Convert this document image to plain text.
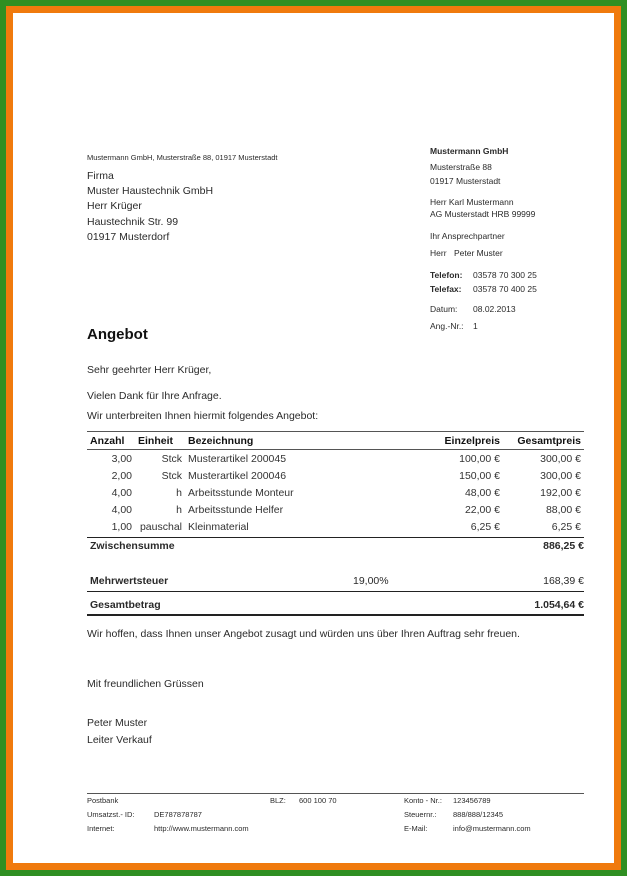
Mustermann GmbH, Musterstraße 88, 01917 Musterstadt
Firma
Muster Haustechnik GmbH
Herr Krüger
Haustechnik Str. 99
01917 Musterdorf
Mustermann GmbH
Musterstraße 88
01917 Musterstadt
Herr Karl Mustermann
AG Musterstadt HRB 99999
Ihr Ansprechpartner
Herr Peter Muster
Telefon: 03578 70 300 25
Telefax: 03578 70 400 25
Datum: 08.02.2013
Ang.-Nr.: 1
Angebot
Sehr geehrter Herr Krüger,
Vielen Dank für Ihre Anfrage.
Wir unterbreiten Ihnen hiermit folgendes Angebot:
Anzahl	Einheit	Bezeichnung	Einzelpreis	Gesamtpreis
3,00	Stck	Musterartikel 200045	100,00 €	300,00 €
2,00	Stck	Musterartikel 200046	150,00 €	300,00 €
4,00	h	Arbeitsstunde Monteur	48,00 €	192,00 €
4,00	h	Arbeitsstunde Helfer	22,00 €	88,00 €
1,00	pauschal	Kleinmaterial	6,25 €	6,25 €
Zwischensumme	886,25 €
Mehrwertsteuer	19,00%	168,39 €
Gesamtbetrag	1.054,64 €
Wir hoffen, dass Ihnen unser Angebot zusagt und würden uns über Ihren Auftrag sehr freuen.
Mit freundlichen Grüssen
Peter Muster
Leiter Verkauf
Postbank	BLZ: 600 100 70	Konto - Nr.: 123456789
Umsatzst.- ID:	DE787878787	Steuernr.: 888/888/12345
Internet:	http://www.mustermann.com	E-Mail:	info@mustermann.com
